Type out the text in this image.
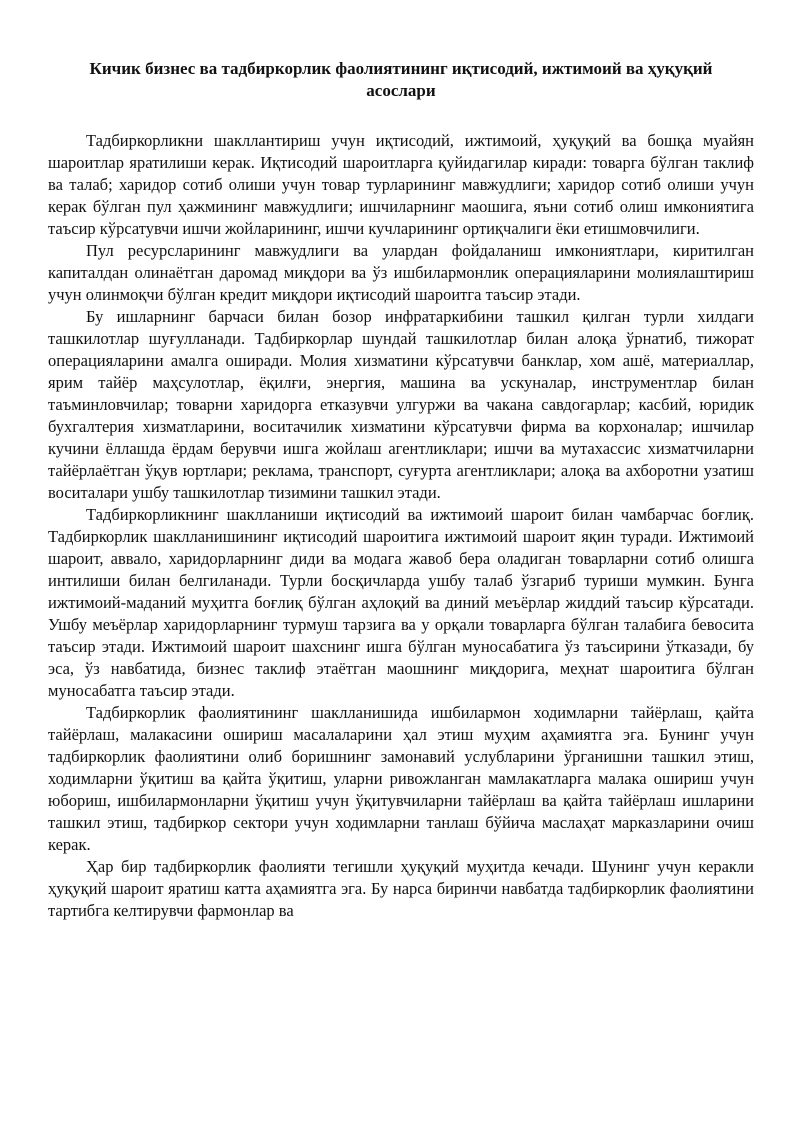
Кичик бизнес ва тадбиркорлик фаолиятининг иқтисодий, ижтимоий ва ҳуқуқий асослари

Тадбиркорликни шакллантириш учун иқтисодий, ижтимоий, ҳуқуқий ва бошқа муайян шароитлар яратилиши керак. Иқтисодий шароитларга қуйидагилар киради: товарга бўлган таклиф ва талаб; харидор сотиб олиши учун товар турларининг мавжудлиги; харидор сотиб олиши учун керак бўлган пул ҳажмининг мавжудлиги; ишчиларнинг маошига, яъни сотиб олиш имкониятига таъсир кўрсатувчи ишчи жойларининг, ишчи кучларининг ортиқчалиги ёки етишмовчилиги.

Пул ресурсларининг мавжудлиги ва улардан фойдаланиш имкониятлари, киритилган капиталдан олинаётган даромад миқдори ва ўз ишбилармонлик операцияларини молиялаштириш учун олинмоқчи бўлган кредит миқдори иқтисодий шароитга таъсир этади.

Бу ишларнинг барчаси билан бозор инфратаркибини ташкил қилган турли хилдаги ташкилотлар шуғулланади. Тадбиркорлар шундай ташкилотлар билан алоқа ўрнатиб, тижорат операцияларини амалга оширади. Молия хизматини кўрсатувчи банклар, хом ашё, материаллар, ярим тайёр маҳсулотлар, ёқилғи, энергия, машина ва ускуналар, инструментлар билан таъминловчилар; товарни харидорга етказувчи улгуржи ва чакана савдогарлар; касбий, юридик бухгалтерия хизматларини, воситачилик хизматини кўрсатувчи фирма ва корхоналар; ишчилар кучини ёллашда ёрдам берувчи ишга жойлаш агентликлари; ишчи ва мутахассис хизматчиларни тайёрлаётган ўқув юртлари; реклама, транспорт, суғурта агентликлари; алоқа ва ахборотни узатиш воситалари ушбу ташкилотлар тизимини ташкил этади.

Тадбиркорликнинг шаклланиши иқтисодий ва ижтимоий шароит билан чамбарчас боғлиқ. Тадбиркорлик шаклланишининг иқтисодий шароитига ижтимоий шароит яқин туради. Ижтимоий шароит, аввало, харидорларнинг диди ва модага жавоб бера оладиган товарларни сотиб олишга интилиши билан белгиланади. Турли босқичларда ушбу талаб ўзгариб туриши мумкин. Бунга ижтимоий-маданий муҳитга боғлиқ бўлган аҳлоқий ва диний меъёрлар жиддий таъсир кўрсатади. Ушбу меъёрлар харидорларнинг турмуш тарзига ва у орқали товарларга бўлган талабига бевосита таъсир этади. Ижтимоий шароит шахснинг ишга бўлган муносабатига ўз таъсирини ўтказади, бу эса, ўз навбатида, бизнес таклиф этаётган маошнинг миқдорига, меҳнат шароитига бўлган муносабатга таъсир этади.

Тадбиркорлик фаолиятининг шаклланишида ишбилармон ходимларни тайёрлаш, қайта тайёрлаш, малакасини ошириш масалаларини ҳал этиш муҳим аҳамиятга эга. Бунинг учун тадбиркорлик фаолиятини олиб боришнинг замонавий услубларини ўрганишни ташкил этиш, ходимларни ўқитиш ва қайта ўқитиш, уларни ривожланган мамлакатларга малака ошириш учун юбориш, ишбилармонларни ўқитиш учун ўқитувчиларни тайёрлаш ва қайта тайёрлаш ишларини ташкил этиш, тадбиркор сектори учун ходимларни танлаш бўйича маслаҳат марказларини очиш керак.

Ҳар бир тадбиркорлик фаолияти тегишли ҳуқуқий муҳитда кечади. Шунинг учун керакли ҳуқуқий шароит яратиш катта аҳамиятга эга. Бу нарса биринчи навбатда тадбиркорлик фаолиятини тартибга келтирувчи фармонлар ва
